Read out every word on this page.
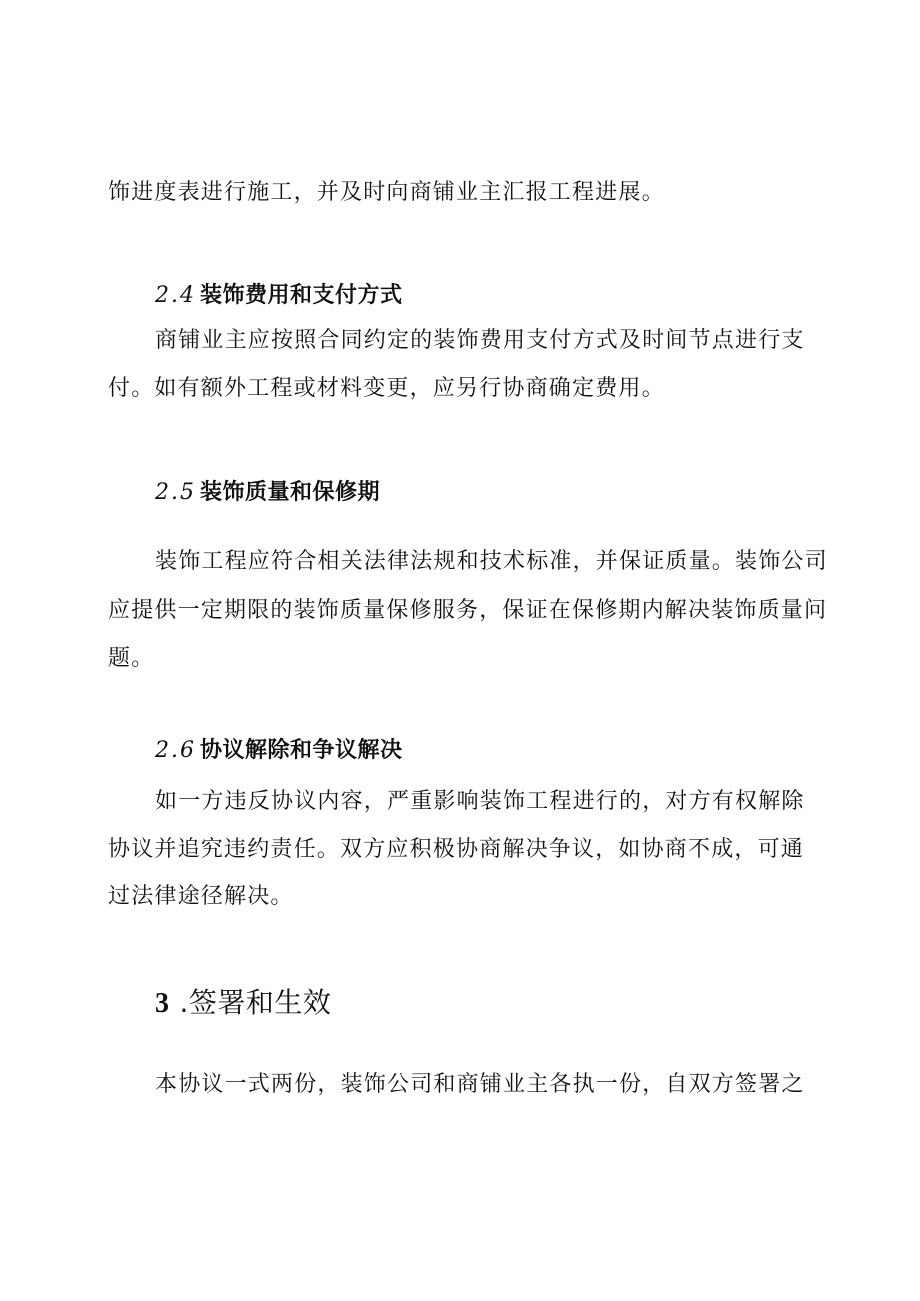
饰进度表进行施工，并及时向商铺业主汇报工程进展。
2.4 装饰费用和支付方式
商铺业主应按照合同约定的装饰费用支付方式及时间节点进行支
付。如有额外工程或材料变更，应另行协商确定费用。
2.5 装饰质量和保修期
装饰工程应符合相关法律法规和技术标准，并保证质量。装饰公司
应提供一定期限的装饰质量保修服务，保证在保修期内解决装饰质量问
题。
2.6 协议解除和争议解决
如一方违反协议内容，严重影响装饰工程进行的，对方有权解除
协议并追究违约责任。双方应积极协商解决争议，如协商不成，可通
过法律途径解决。
3 .签署和生效
本协议一式两份，装饰公司和商铺业主各执一份，自双方签署之
